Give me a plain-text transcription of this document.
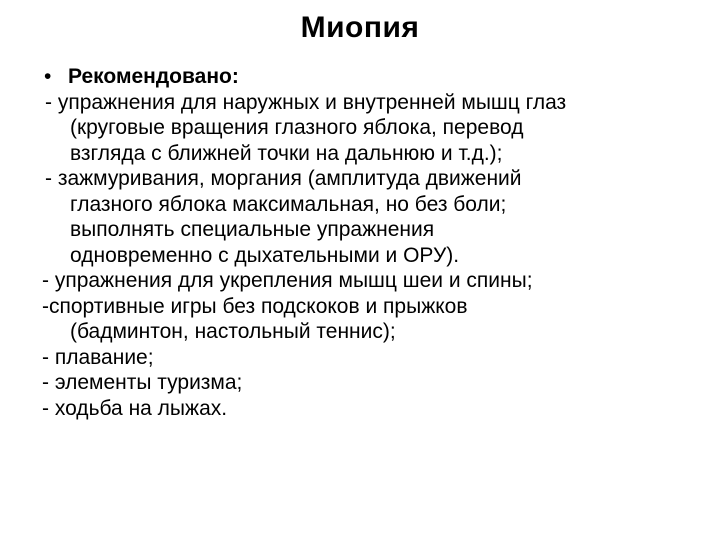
Миопия
• Рекомендовано:
- упражнения для наружных и внутренней мышц глаз
(круговые вращения глазного яблока, перевод
взгляда с ближней точки на дальнюю и т.д.);
- зажмуривания, моргания (амплитуда движений
глазного яблока максимальная, но без боли;
выполнять специальные упражнения
одновременно с дыхательными и ОРУ).
- упражнения для укрепления мышц шеи и спины;
-спортивные игры без подскоков и прыжков
(бадминтон, настольный теннис);
- плавание;
- элементы туризма;
- ходьба на лыжах.
